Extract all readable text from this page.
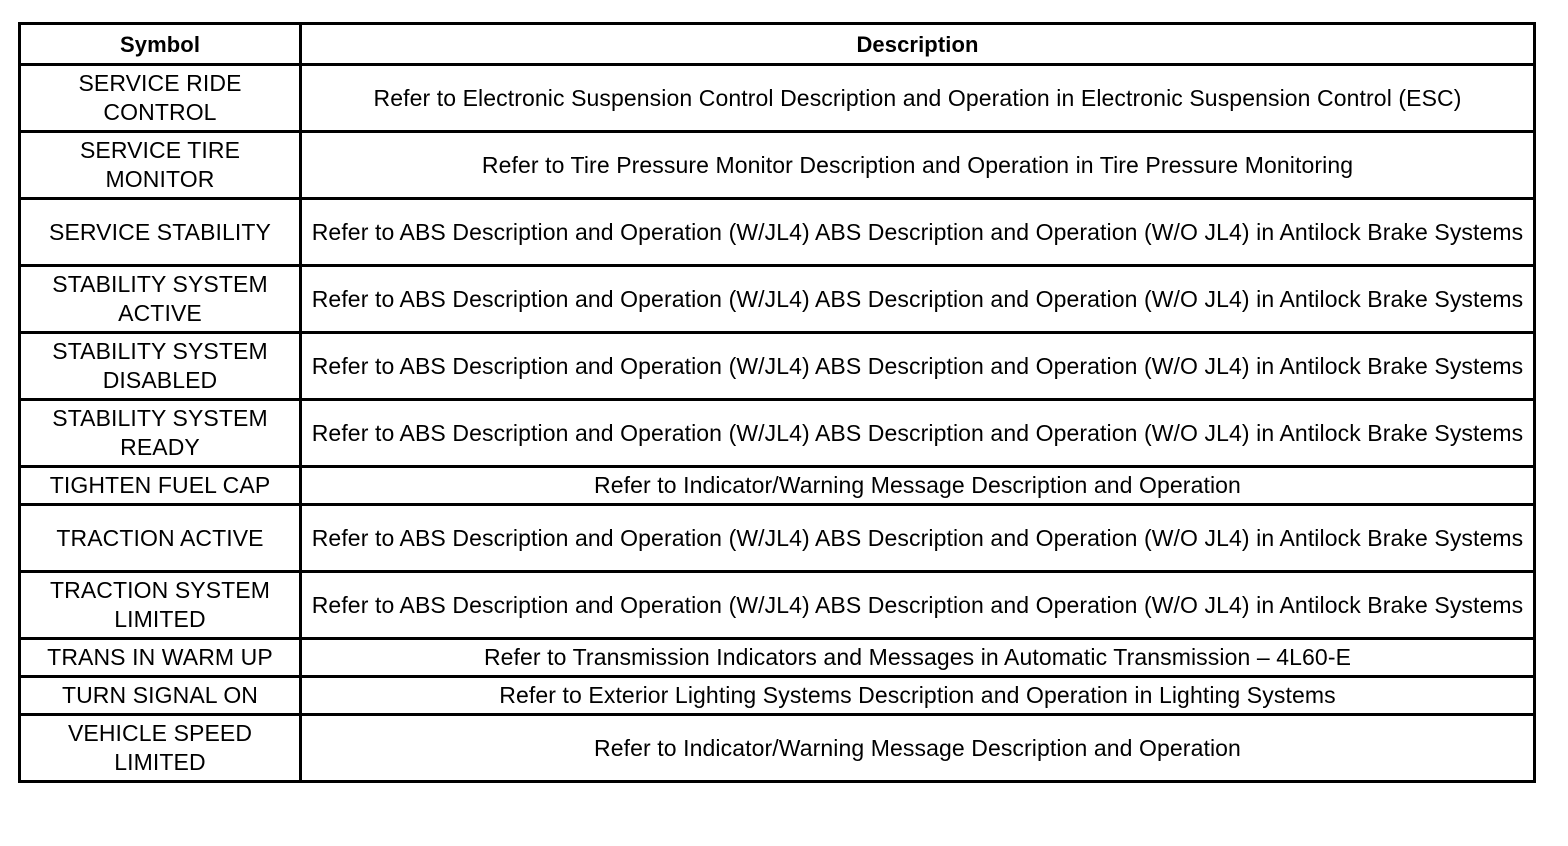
Symbol	Description
SERVICE RIDE CONTROL	Refer to Electronic Suspension Control Description and Operation in Electronic Suspension Control (ESC)
SERVICE TIRE MONITOR	Refer to Tire Pressure Monitor Description and Operation in Tire Pressure Monitoring
SERVICE STABILITY	Refer to ABS Description and Operation (W/JL4) ABS Description and Operation (W/O JL4) in Antilock Brake Systems
STABILITY SYSTEM ACTIVE	Refer to ABS Description and Operation (W/JL4) ABS Description and Operation (W/O JL4) in Antilock Brake Systems
STABILITY SYSTEM DISABLED	Refer to ABS Description and Operation (W/JL4) ABS Description and Operation (W/O JL4) in Antilock Brake Systems
STABILITY SYSTEM READY	Refer to ABS Description and Operation (W/JL4) ABS Description and Operation (W/O JL4) in Antilock Brake Systems
TIGHTEN FUEL CAP	Refer to Indicator/Warning Message Description and Operation
TRACTION ACTIVE	Refer to ABS Description and Operation (W/JL4) ABS Description and Operation (W/O JL4) in Antilock Brake Systems
TRACTION SYSTEM LIMITED	Refer to ABS Description and Operation (W/JL4) ABS Description and Operation (W/O JL4) in Antilock Brake Systems
TRANS IN WARM UP	Refer to Transmission Indicators and Messages in Automatic Transmission – 4L60-E
TURN SIGNAL ON	Refer to Exterior Lighting Systems Description and Operation in Lighting Systems
VEHICLE SPEED LIMITED	Refer to Indicator/Warning Message Description and Operation
